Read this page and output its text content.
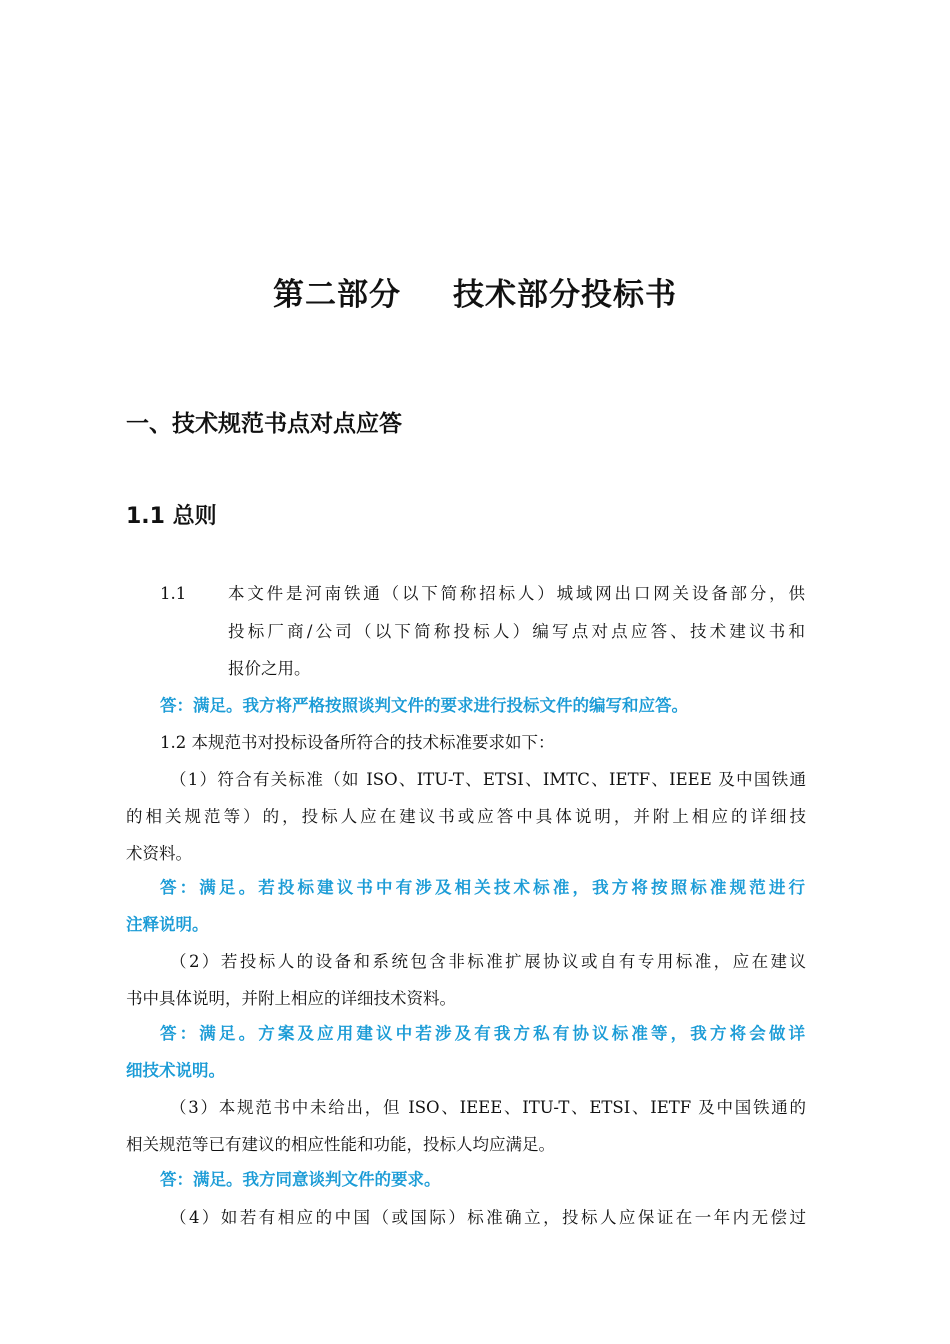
第二部分 技术部分投标书
一、技术规范书点对点应答
1.1 总则
1.1	本文件是河南铁通（以下简称招标人）城域网出口网关设备部分，供
投标厂商/公司（以下简称投标人）编写点对点应答、技术建议书和
报价之用。
答：满足。我方将严格按照谈判文件的要求进行投标文件的编写和应答。
1.2 本规范书对投标设备所符合的技术标准要求如下：
（1）符合有关标准（如 ISO、ITU-T、ETSI、IMTC、IETF、IEEE 及中国铁通
的相关规范等）的，投标人应在建议书或应答中具体说明，并附上相应的详细技
术资料。
答：满足。若投标建议书中有涉及相关技术标准，我方将按照标准规范进行
注释说明。
（2）若投标人的设备和系统包含非标准扩展协议或自有专用标准，应在建议
书中具体说明，并附上相应的详细技术资料。
答：满足。方案及应用建议中若涉及有我方私有协议标准等，我方将会做详
细技术说明。
（3）本规范书中未给出，但 ISO、IEEE、ITU-T、ETSI、IETF 及中国铁通的
相关规范等已有建议的相应性能和功能，投标人均应满足。
答：满足。我方同意谈判文件的要求。
（4）如若有相应的中国（或国际）标准确立，投标人应保证在一年内无偿过
